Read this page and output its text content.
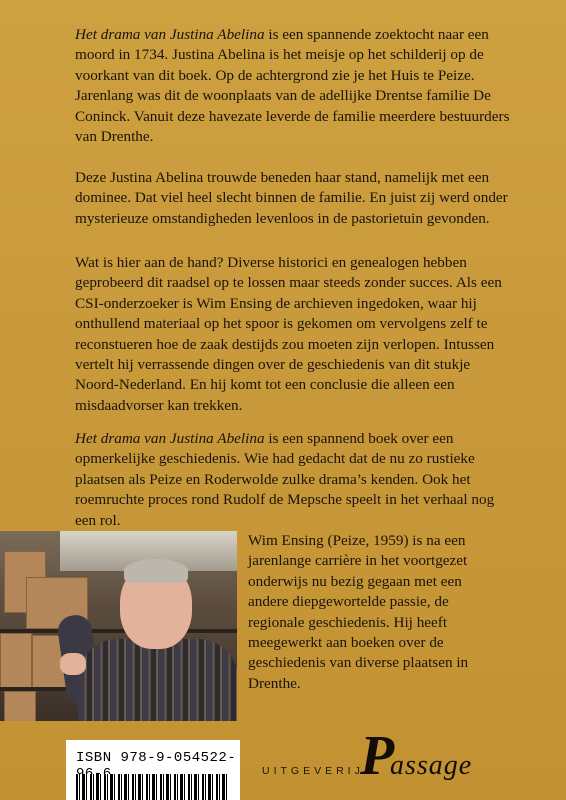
Het drama van Justina Abelina is een spannende zoektocht naar een moord in 1734. Justina Abelina is het meisje op het schilderij op de voorkant van dit boek. Op de achtergrond zie je het Huis te Peize. Jarenlang was dit de woonplaats van de adellijke Drentse familie De Coninck. Vanuit deze havezate leverde de familie meerdere bestuurders van Drenthe.

Deze Justina Abelina trouwde beneden haar stand, namelijk met een dominee. Dat viel heel slecht binnen de familie. En juist zij werd onder mysterieuze omstandigheden levenloos in de pastorietuin gevonden.

Wat is hier aan de hand? Diverse historici en genealogen hebben geprobeerd dit raadsel op te lossen maar steeds zonder succes. Als een CSI-onderzoeker is Wim Ensing de archieven ingedoken, waar hij onthullend materiaal op het spoor is gekomen om vervolgens zelf te reconstueren hoe de zaak destijds zou moeten zijn verlopen. Intussen vertelt hij verrassende dingen over de geschiedenis van dit stukje Noord-Nederland. En hij komt tot een conclusie die alleen een misdaadvorser kan trekken.

Het drama van Justina Abelina is een spannend boek over een opmerkelijke geschiedenis. Wie had gedacht dat de nu zo rustieke plaatsen als Peize en Roderwolde zulke drama’s kenden. Ook het roemruchte proces rond Rudolf de Mepsche speelt in het verhaal nog een rol.

Wim Ensing (Peize, 1959) is na een jarenlange carrière in het voortgezet onderwijs nu bezig gegaan met een andere diepgewortelde passie, de regionale geschiedenis. Hij heeft meegewerkt aan boeken over de geschiedenis van diverse plaatsen in Drenthe.

ISBN 978-9-054522-
UITGEVERIJ
P
assage
